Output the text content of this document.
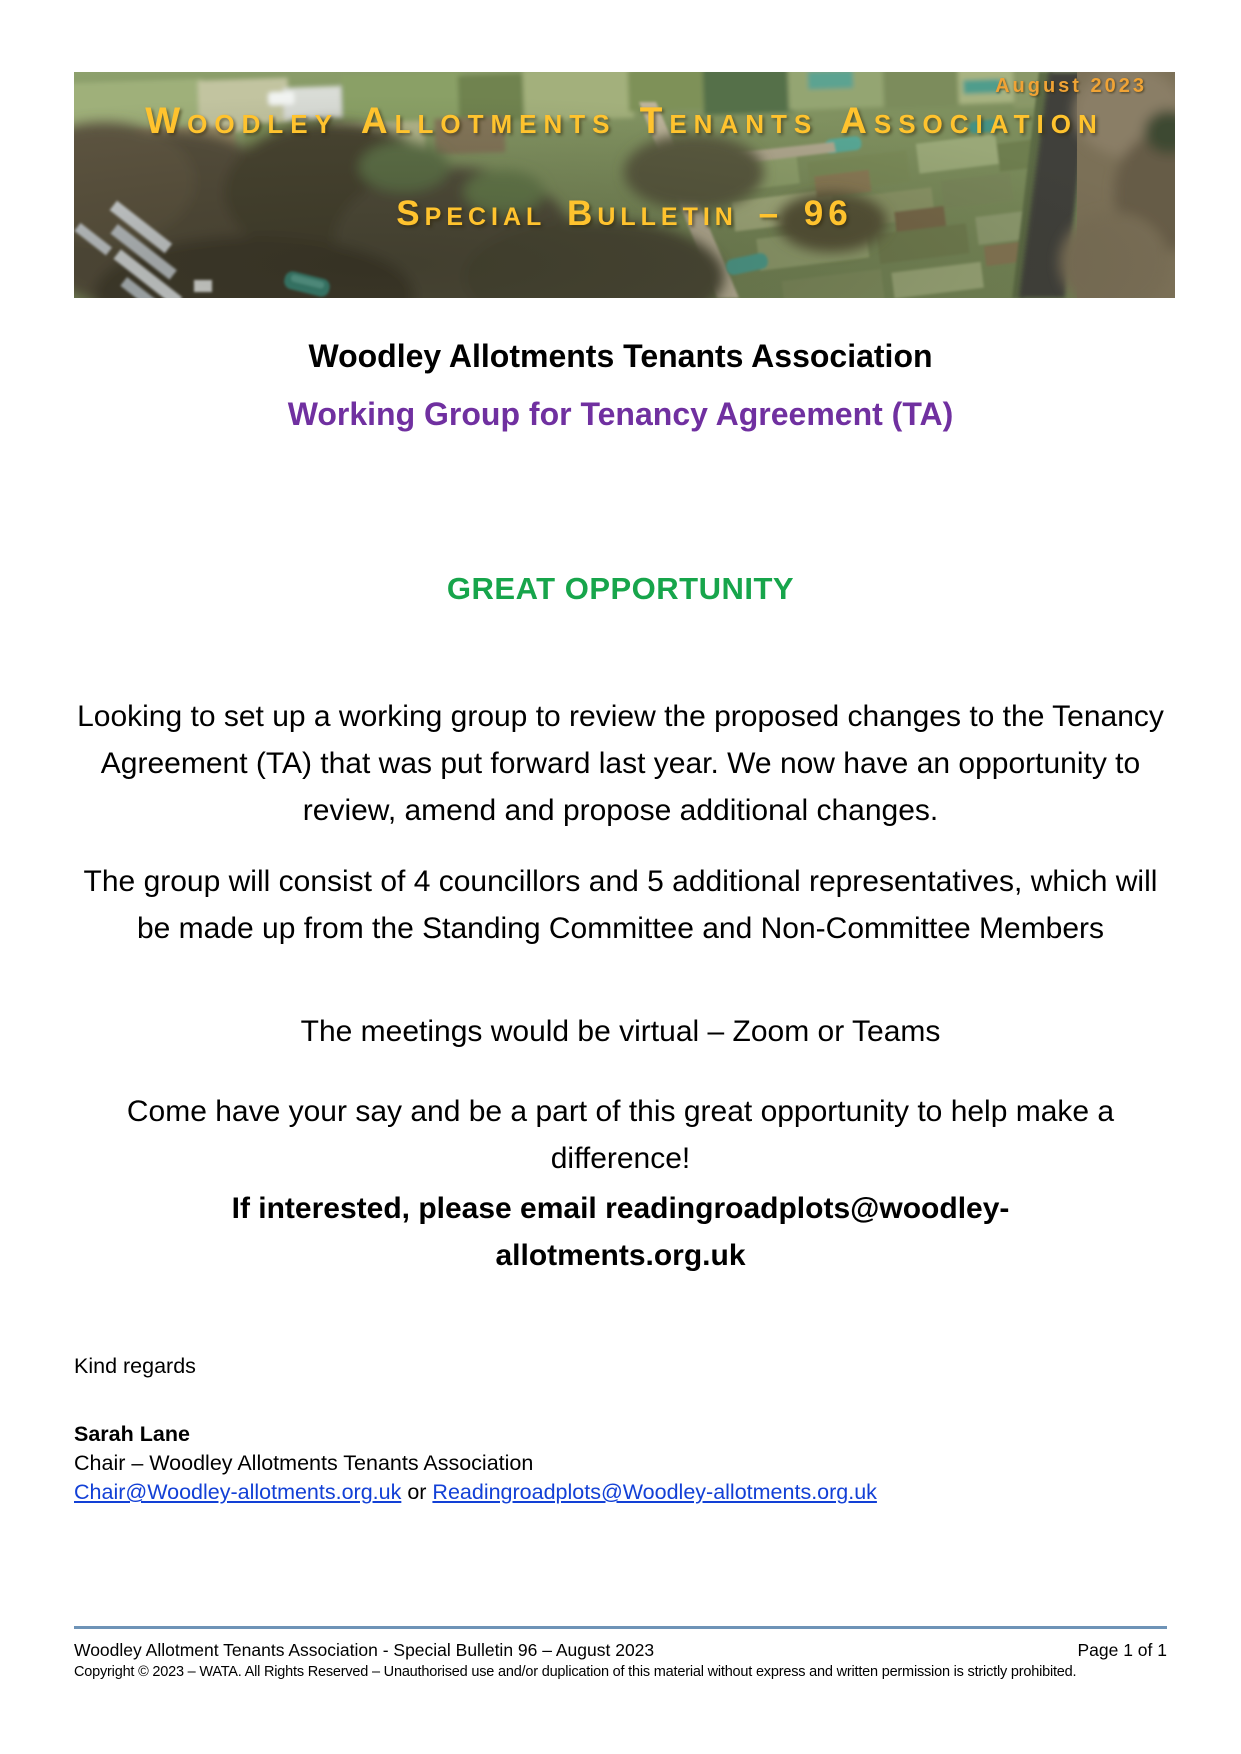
August 2023
Woodley Allotments Tenants Association
Special Bulletin – 96
Woodley Allotments Tenants Association
Working Group for Tenancy Agreement (TA)
GREAT OPPORTUNITY

Looking to set up a working group to review the proposed changes to the Tenancy Agreement (TA) that was put forward last year. We now have an opportunity to review, amend and propose additional changes.

The group will consist of 4 councillors and 5 additional representatives, which will be made up from the Standing Committee and Non-Committee Members

The meetings would be virtual – Zoom or Teams

Come have your say and be a part of this great opportunity to help make a difference!

If interested, please email readingroadplots@woodley-allotments.org.uk

Kind regards
Sarah Lane
Chair – Woodley Allotments Tenants Association
Chair@Woodley-allotments.org.uk or Readingroadplots@Woodley-allotments.org.uk
Woodley Allotment Tenants Association - Special Bulletin 96 – August 2023	Page 1 of 1
Copyright © 2023 – WATA. All Rights Reserved – Unauthorised use and/or duplication of this material without express and written permission is strictly prohibited.
